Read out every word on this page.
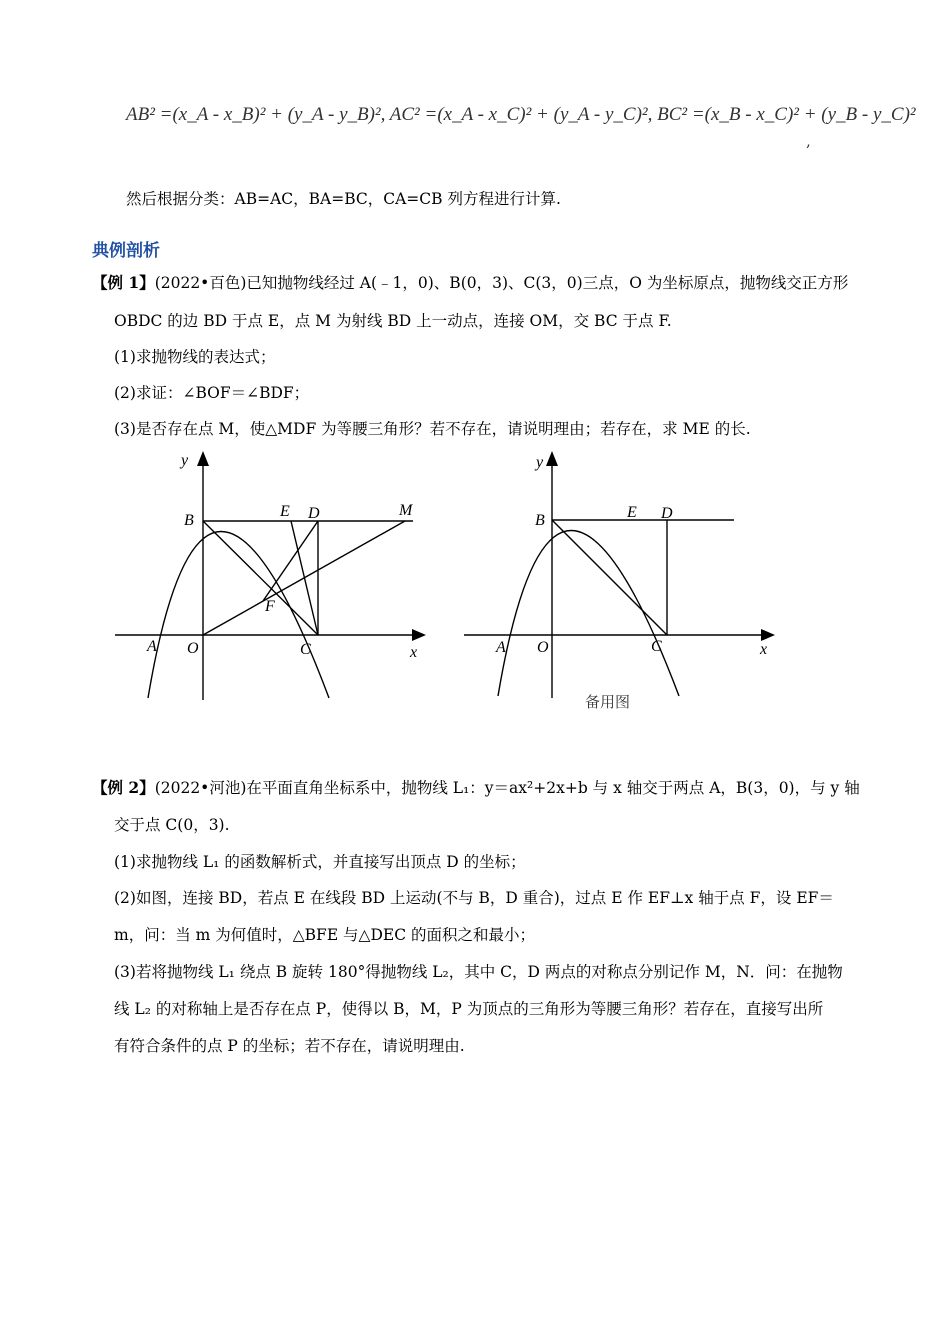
AB² =(x_A - x_B)² + (y_A - y_B)², AC² =(x_A - x_C)² + (y_A - y_C)², BC² =(x_B - x_C)² + (y_B - y_C)²
,
然后根据分类：AB=AC，BA=BC，CA=CB 列方程进行计算.
典例剖析
【例 1】(2022•百色)已知抛物线经过 A(﹣1，0)、B(0，3)、C(3，0)三点，O 为坐标原点，抛物线交正方形
OBDC 的边 BD 于点 E，点 M 为射线 BD 上一动点，连接 OM，交 BC 于点 F.
(1)求抛物线的表达式；
(2)求证：∠BOF＝∠BDF；
(3)是否存在点 M，使△MDF 为等腰三角形？若不存在，请说明理由；若存在，求 ME 的长.
y
B
E D	M
F
A O	C	x
y
B	E D
A O	C	x
备用图
【例 2】(2022•河池)在平面直角坐标系中，抛物线 L₁：y＝ax²+2x+b 与 x 轴交于两点 A，B(3，0)，与 y 轴
交于点 C(0，3).
(1)求抛物线 L₁ 的函数解析式，并直接写出顶点 D 的坐标；
(2)如图，连接 BD，若点 E 在线段 BD 上运动(不与 B，D 重合)，过点 E 作 EF⊥x 轴于点 F，设 EF＝
m，问：当 m 为何值时，△BFE 与△DEC 的面积之和最小；
(3)若将抛物线 L₁ 绕点 B 旋转 180°得抛物线 L₂，其中 C，D 两点的对称点分别记作 M，N．问：在抛物
线 L₂ 的对称轴上是否存在点 P，使得以 B，M，P 为顶点的三角形为等腰三角形？若存在，直接写出所
有符合条件的点 P 的坐标；若不存在，请说明理由.
